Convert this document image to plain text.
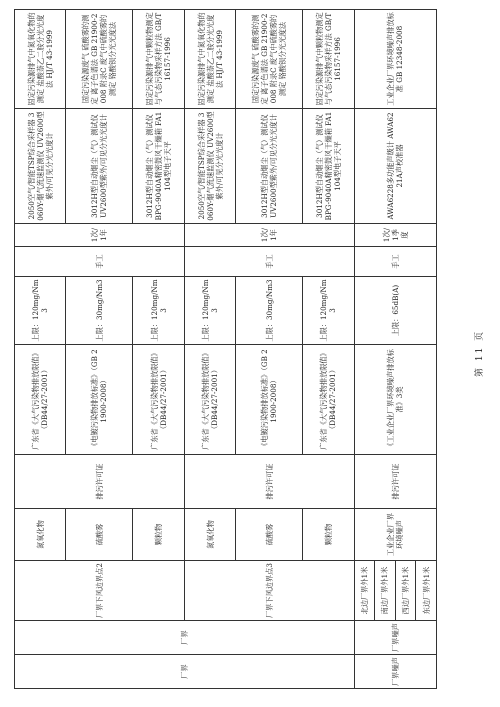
厂界	厂界	厂界下风边界点2	氮氧化物	排污许可证	广东省《大气污染物排放限值》（DB44/27-2001）	上限：120mg/Nm3	手工	1次/1年	2050空气/智能TSP综合采样器 3060Y-烟气流速监测仪 UV2600型紫外/可见分光光度计	固定污染源排气中氮氧化物的测定 盐酸萘乙二胺分光光度法 HJ/T 43-1999
			硫酸雾		《电镀污染物排放标准》（GB 21900-2008）	上限：30mg/Nm3			3012H型自动烟尘（气）测试仪 UV2600型紫外/可见分光光度计	固定污染源废气 硫酸雾的测定 离子色谱法 GB 21900-2008 附录C 废气中硫酸雾的测定 铬酸钡分光光度法
			颗粒物		广东省《大气污染物排放限值》（DB44/27-2001）	上限：120mg/Nm3			3012H型自动烟尘（气）测试仪 BPG-9040A精密鼓风干燥箱 FA1104型电子天平	固定污染源排气中颗粒物测定与气态污染物采样方法 GB/T 16157-1996
		厂界下风边界点3	氮氧化物	排污许可证	广东省《大气污染物排放限值》（DB44/27-2001）	上限：120mg/Nm3	手工	1次/1年	2050空气/智能TSP综合采样器 3060Y-烟气流速监测仪 UV2600型紫外/可见分光光度计	固定污染源排气中氮氧化物的测定 盐酸萘乙二胺分光光度法 HJ/T 43-1999
			硫酸雾		《电镀污染物排放标准》（GB 21900-2008）	上限：30mg/Nm3			3012H型自动烟尘（气）测试仪 UV2600型紫外/可见分光光度计	固定污染源废气 硫酸雾的测定 离子色谱法 GB 21900-2008 附录C 废气中硫酸雾的测定 铬酸钡分光光度法
			颗粒物		广东省《大气污染物排放限值》（DB44/27-2001）	上限：120mg/Nm3			3012H型自动烟尘（气）测试仪 BPG-9040A精密鼓风干燥箱 FA1104型电子天平	固定污染源排气中颗粒物测定与气态污染物采样方法 GB/T 16157-1996
厂界噪声	厂界噪声	北边厂界外1米	工业企业厂界环境噪声	排污许可证	《工业企业厂界环境噪声排放标准》3类	上限：65dB(A)	手工	1次/1季度	AWA6228多功能声级计 AWA6221A声校准器	工业企业厂界环境噪声排放标准 GB 12348-2008
		南边厂界外1米								
		西边厂界外1米								
		东边厂界外1米								
第 11 页
